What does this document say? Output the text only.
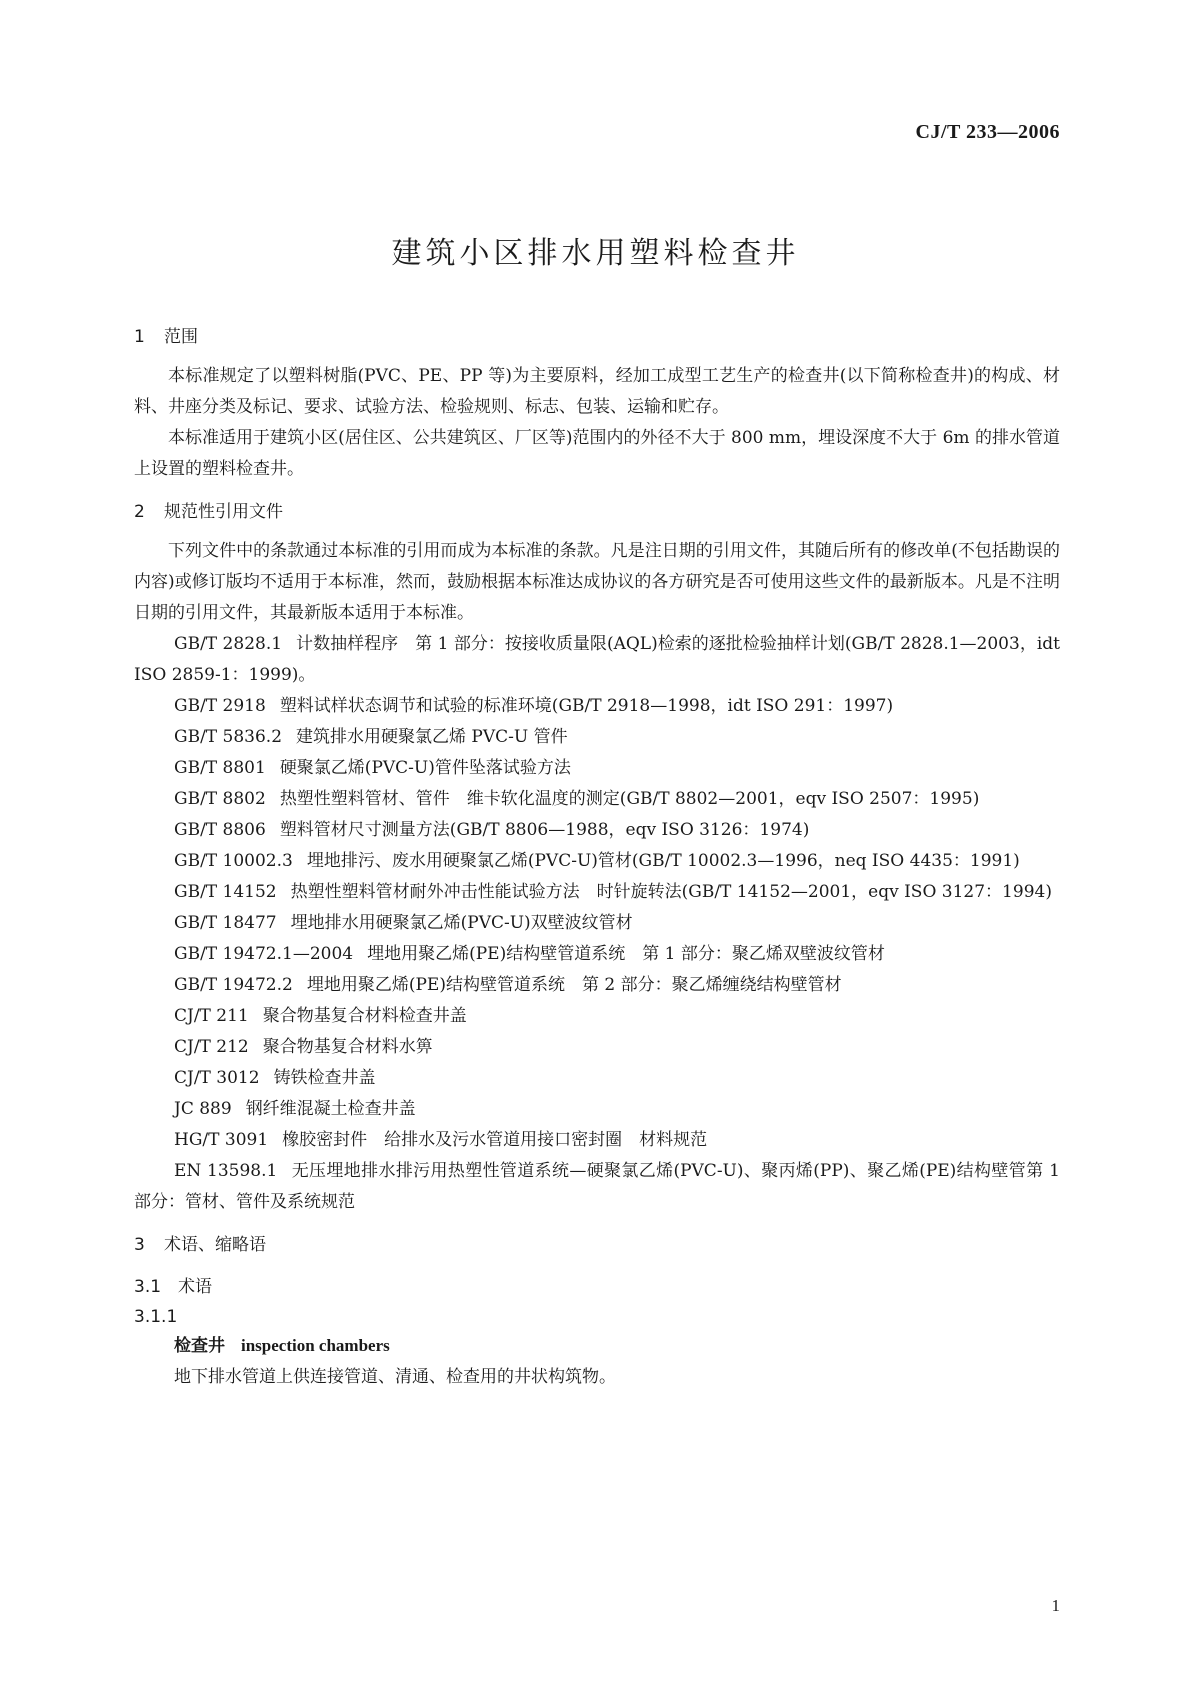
CJ/T 233—2006
建筑小区排水用塑料检查井
1 范围

本标准规定了以塑料树脂(PVC、PE、PP 等)为主要原料，经加工成型工艺生产的检查井(以下简称检查井)的构成、材料、井座分类及标记、要求、试验方法、检验规则、标志、包装、运输和贮存。

本标准适用于建筑小区(居住区、公共建筑区、厂区等)范围内的外径不大于 800 mm，埋设深度不大于 6m 的排水管道上设置的塑料检查井。

2 规范性引用文件

下列文件中的条款通过本标准的引用而成为本标准的条款。凡是注日期的引用文件，其随后所有的修改单(不包括勘误的内容)或修订版均不适用于本标准，然而，鼓励根据本标准达成协议的各方研究是否可使用这些文件的最新版本。凡是不注明日期的引用文件，其最新版本适用于本标准。

GB/T 2828.1 计数抽样程序　第 1 部分：按接收质量限(AQL)检索的逐批检验抽样计划(GB/T 2828.1—2003，idt ISO 2859-1：1999)。

GB/T 2918 塑料试样状态调节和试验的标准环境(GB/T 2918—1998，idt ISO 291：1997)

GB/T 5836.2 建筑排水用硬聚氯乙烯 PVC-U 管件

GB/T 8801 硬聚氯乙烯(PVC-U)管件坠落试验方法

GB/T 8802 热塑性塑料管材、管件　维卡软化温度的测定(GB/T 8802—2001，eqv ISO 2507：1995)

GB/T 8806 塑料管材尺寸测量方法(GB/T 8806—1988，eqv ISO 3126：1974)

GB/T 10002.3 埋地排污、废水用硬聚氯乙烯(PVC-U)管材(GB/T 10002.3—1996，neq ISO 4435：1991)

GB/T 14152 热塑性塑料管材耐外冲击性能试验方法　时针旋转法(GB/T 14152—2001，eqv ISO 3127：1994)

GB/T 18477 埋地排水用硬聚氯乙烯(PVC-U)双壁波纹管材

GB/T 19472.1—2004 埋地用聚乙烯(PE)结构壁管道系统　第 1 部分：聚乙烯双壁波纹管材

GB/T 19472.2 埋地用聚乙烯(PE)结构壁管道系统　第 2 部分：聚乙烯缠绕结构壁管材

CJ/T 211 聚合物基复合材料检查井盖

CJ/T 212 聚合物基复合材料水箅

CJ/T 3012 铸铁检查井盖

JC 889 钢纤维混凝土检查井盖

HG/T 3091 橡胶密封件　给排水及污水管道用接口密封圈　材料规范

EN 13598.1 无压埋地排水排污用热塑性管道系统—硬聚氯乙烯(PVC-U)、聚丙烯(PP)、聚乙烯(PE)结构壁管第 1 部分：管材、管件及系统规范

3 术语、缩略语
3.1 术语
3.1.1
检查井 inspection chambers
地下排水管道上供连接管道、清通、检查用的井状构筑物。
1
